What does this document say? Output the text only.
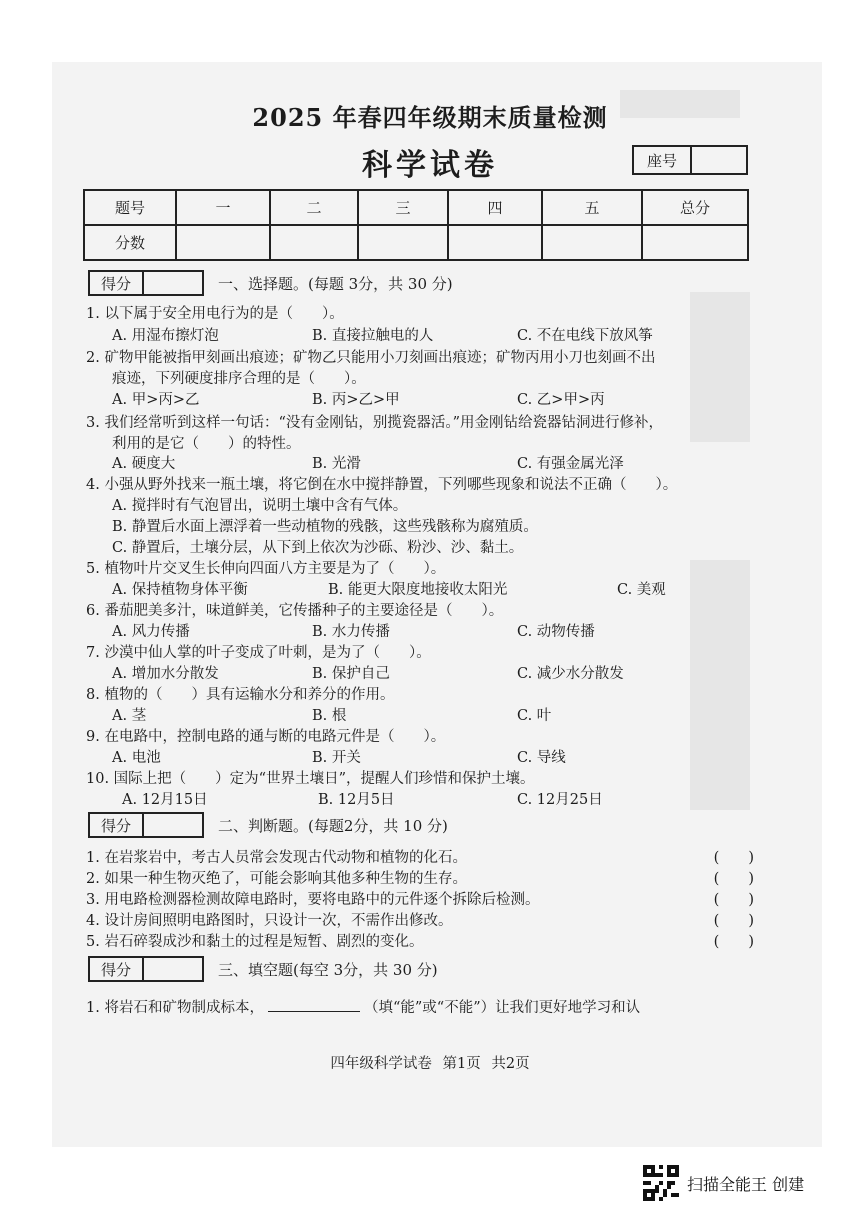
2025 年春四年级期末质量检测
科学试卷	座号
题号	一	二	三	四	五	总分
分数						
得分	一、选择题。(每题 3分，共 30 分)
1. 以下属于安全用电行为的是（　　）。
A. 用湿布擦灯泡	B. 直接拉触电的人	C. 不在电线下放风筝
2. 矿物甲能被指甲刻画出痕迹；矿物乙只能用小刀刻画出痕迹；矿物丙用小刀也刻画不出
痕迹，下列硬度排序合理的是（　　）。
A. 甲>丙>乙	B. 丙>乙>甲	C. 乙>甲>丙
3. 我们经常听到这样一句话：“没有金刚钻，别揽瓷器活。”用金刚钻给瓷器钻洞进行修补，
利用的是它（　　）的特性。
A. 硬度大	B. 光滑	C. 有强金属光泽
4. 小强从野外找来一瓶土壤，将它倒在水中搅拌静置，下列哪些现象和说法不正确（　　）。
A. 搅拌时有气泡冒出，说明土壤中含有气体。
B. 静置后水面上漂浮着一些动植物的残骸，这些残骸称为腐殖质。
C. 静置后，土壤分层，从下到上依次为沙砾、粉沙、沙、黏土。
5. 植物叶片交叉生长伸向四面八方主要是为了（　　）。
A. 保持植物身体平衡	B. 能更大限度地接收太阳光	C. 美观
6. 番茄肥美多汁，味道鲜美，它传播种子的主要途径是（　　）。
A. 风力传播	B. 水力传播	C. 动物传播
7. 沙漠中仙人掌的叶子变成了叶刺，是为了（　　）。
A. 增加水分散发	B. 保护自己	C. 减少水分散发
8. 植物的（　　）具有运输水分和养分的作用。
A. 茎	B. 根	C. 叶
9. 在电路中，控制电路的通与断的电路元件是（　　）。
A. 电池	B. 开关	C. 导线
10. 国际上把（　　）定为“世界土壤日”，提醒人们珍惜和保护土壤。
A. 12月15日	B. 12月5日	C. 12月25日
得分	二、判断题。(每题2分，共 10 分)
1. 在岩浆岩中，考古人员常会发现古代动物和植物的化石。	(　　)
2. 如果一种生物灭绝了，可能会影响其他多种生物的生存。	(　　)
3. 用电路检测器检测故障电路时，要将电路中的元件逐个拆除后检测。	(　　)
4. 设计房间照明电路图时，只设计一次，不需作出修改。	(　　)
5. 岩石碎裂成沙和黏土的过程是短暂、剧烈的变化。	(　　)
得分	三、填空题(每空 3分，共 30 分)
1. 将岩石和矿物制成标本，	（填“能”或“不能”）让我们更好地学习和认
四年级科学试卷 第1页 共2页
扫描全能王 创建
